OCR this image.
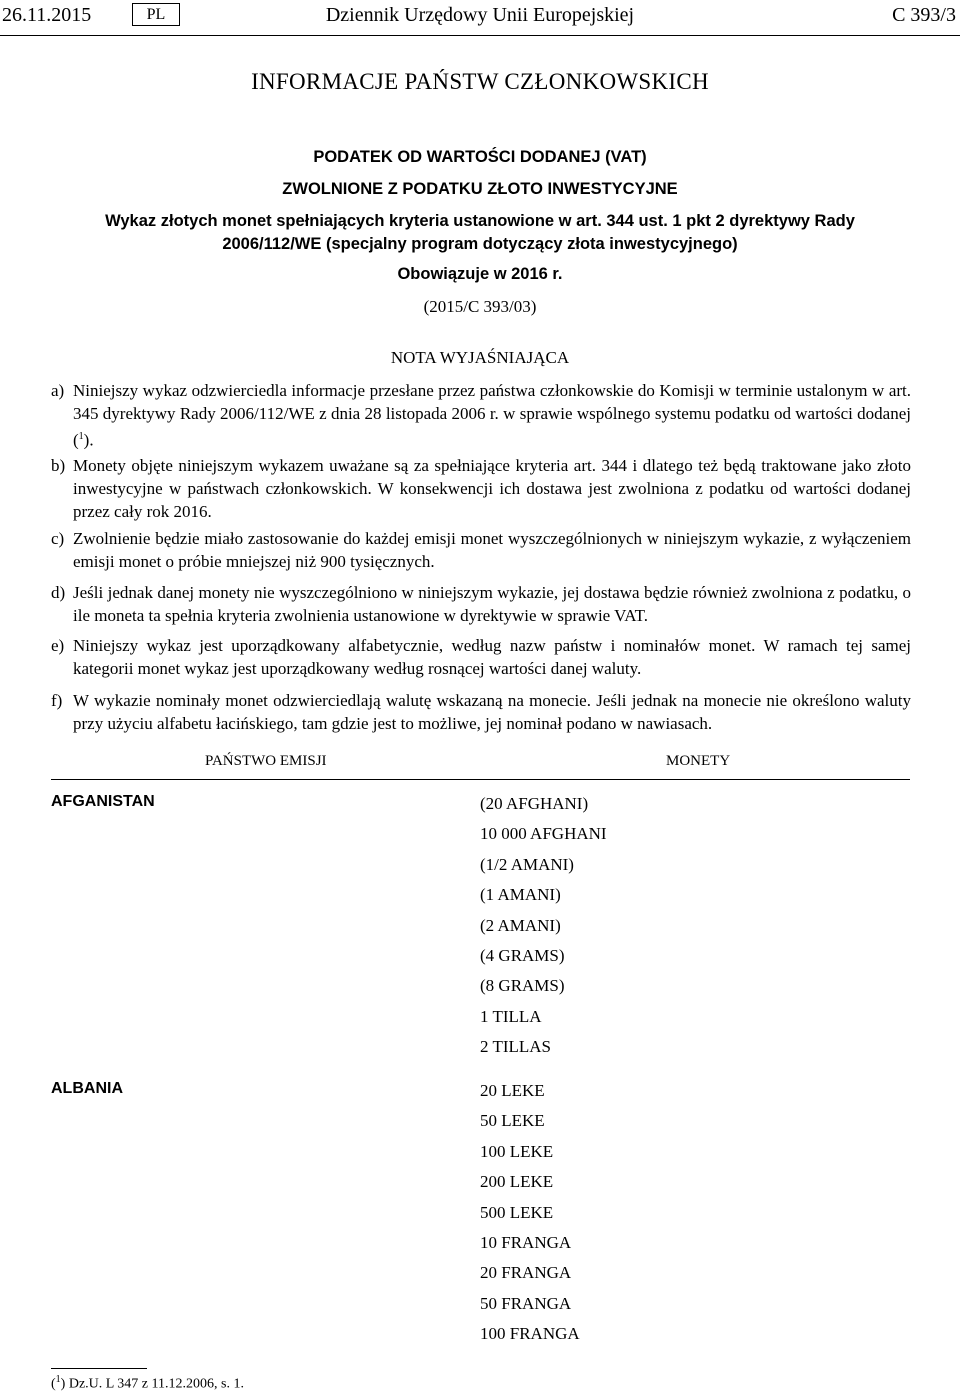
26.11.2015	PL	Dziennik Urzędowy Unii Europejskiej	C 393/3
INFORMACJE PAŃSTW CZŁONKOWSKICH
PODATEK OD WARTOŚCI DODANEJ (VAT)
ZWOLNIONE Z PODATKU ZŁOTO INWESTYCYJNE
Wykaz złotych monet spełniających kryteria ustanowione w art. 344 ust. 1 pkt 2 dyrektywy Rady
2006/112/WE (specjalny program dotyczący złota inwestycyjnego)
Obowiązuje w 2016 r.
(2015/C 393/03)
NOTA WYJAŚNIAJĄCA
a) Niniejszy wykaz odzwierciedla informacje przesłane przez państwa członkowskie do Komisji w terminie ustalonym w art. 345 dyrektywy Rady 2006/112/WE z dnia 28 listopada 2006 r. w sprawie wspólnego systemu podatku od wartości dodanej ($^1$).
b) Monety objęte niniejszym wykazem uważane są za spełniające kryteria art. 344 i dlatego też będą traktowane jako złoto inwestycyjne w państwach członkowskich. W konsekwencji ich dostawa jest zwolniona z podatku od wartości dodanej przez cały rok 2016.
c) Zwolnienie będzie miało zastosowanie do każdej emisji monet wyszczególnionych w niniejszym wykazie, z wyłączeniem emisji monet o próbie mniejszej niż 900 tysięcznych.
d) Jeśli jednak danej monety nie wyszczególniono w niniejszym wykazie, jej dostawa będzie również zwolniona z podatku, o ile moneta ta spełnia kryteria zwolnienia ustanowione w dyrektywie w sprawie VAT.
e) Niniejszy wykaz jest uporządkowany alfabetycznie, według nazw państw i nominałów monet. W ramach tej samej kategorii monet wykaz jest uporządkowany według rosnącej wartości danej waluty.
f) W wykazie nominały monet odzwierciedlają walutę wskazaną na monecie. Jeśli jednak na monecie nie określono waluty przy użyciu alfabetu łacińskiego, tam gdzie jest to możliwe, jej nominał podano w nawiasach.
PAŃSTWO EMISJI	MONETY
AFGANISTAN	(20 AFGHANI)
10 000 AFGHANI
(1/2 AMANI)
(1 AMANI)
(2 AMANI)
(4 GRAMS)
(8 GRAMS)
1 TILLA
2 TILLAS
ALBANIA	20 LEKE
50 LEKE
100 LEKE
200 LEKE
500 LEKE
10 FRANGA
20 FRANGA
50 FRANGA
100 FRANGA
($^1$) Dz.U. L 347 z 11.12.2006, s. 1.
